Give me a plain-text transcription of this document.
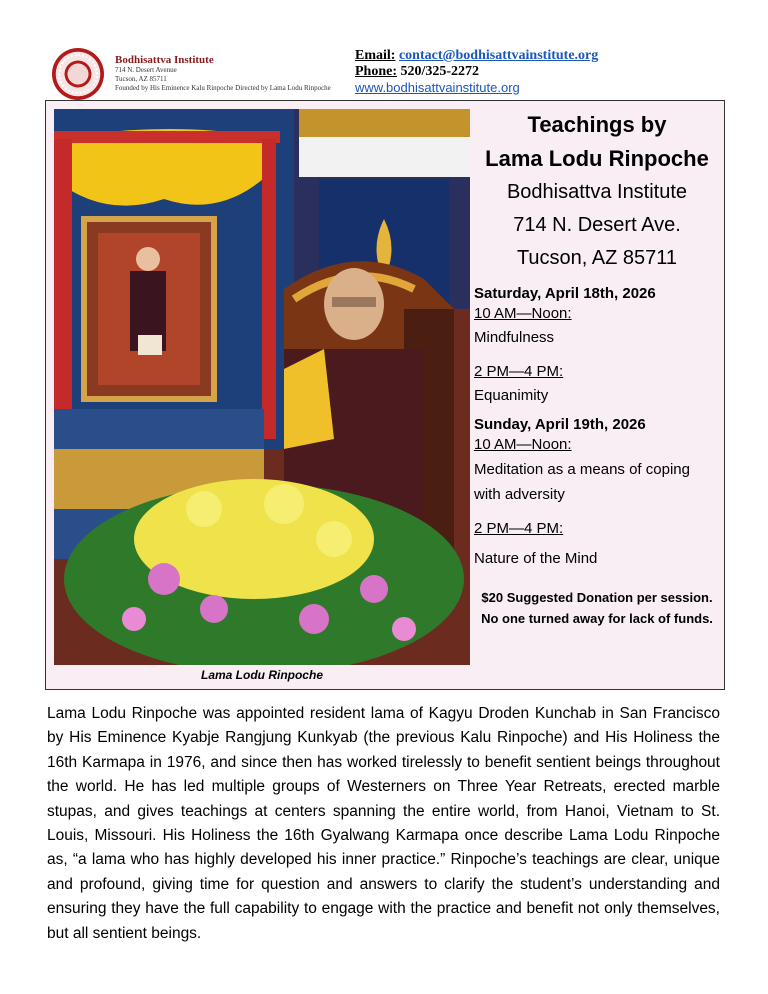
Bodhisattva Institute
714 N. Desert Avenue
Tucson, AZ 85711
Founded by His Eminence Kalu Rinpoche Directed by Lama Lodu Rinpoche
Email: contact@bodhisattvainstitute.org
Phone: 520/325-2272
www.bodhisattvainstitute.org
Lama Lodu Rinpoche
Teachings by
Lama Lodu Rinpoche
Bodhisattva Institute
714 N. Desert Ave.
Tucson, AZ 85711
Saturday, April 18th, 2026
10 AM—Noon:
Mindfulness
2 PM—4 PM:
Equanimity
Sunday, April 19th, 2026
10 AM—Noon:
Meditation as a means of coping with adversity
2 PM—4 PM:
Nature of the Mind
$20 Suggested Donation per session.
No one turned away for lack of funds.
Lama Lodu Rinpoche was appointed resident lama of Kagyu Droden Kunchab in San Francisco by His Eminence Kyabje Rangjung Kunkyab (the previous Kalu Rinpoche) and His Holiness the 16th Karmapa in 1976, and since then has worked tirelessly to benefit sentient beings throughout the world. He has led multiple groups of Westerners on Three Year Retreats, erected marble stupas, and gives teachings at centers spanning the entire world, from Hanoi, Vietnam to St. Louis, Missouri. His Holiness the 16th Gyalwang Karmapa once describe Lama Lodu Rinpoche as, “a lama who has highly developed his inner practice.” Rinpoche’s teachings are clear, unique and profound, giving time for question and answers to clarify the student’s understanding and ensuring they have the full capability to engage with the practice and benefit not only themselves, but all sentient beings.
